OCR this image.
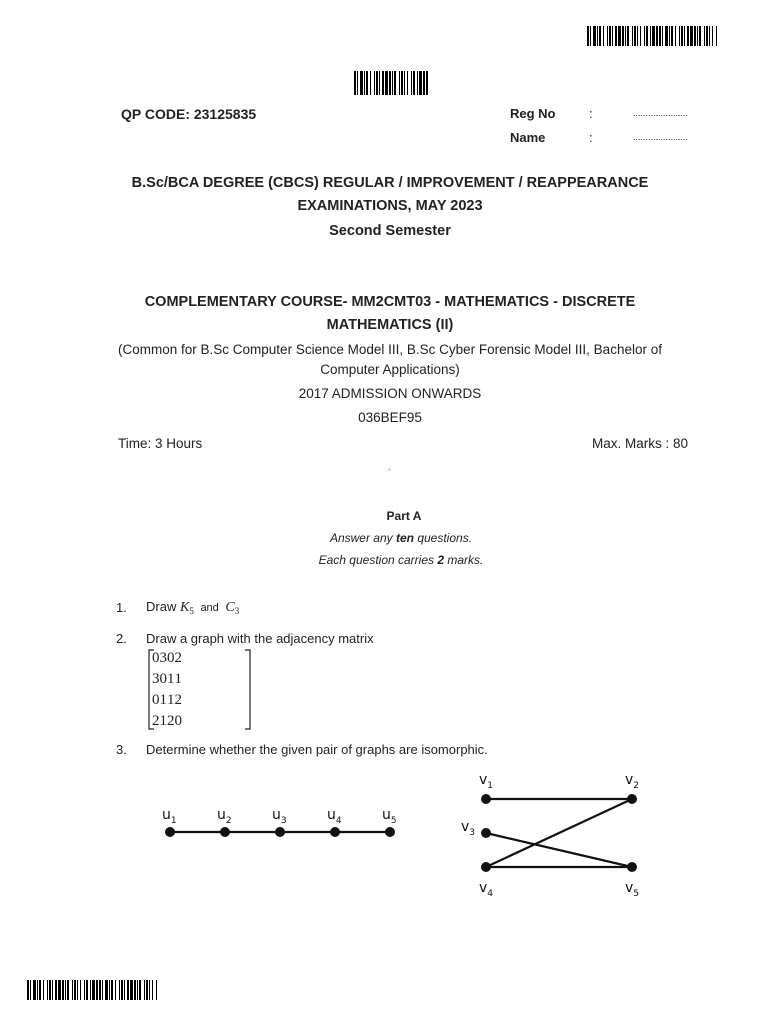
QP CODE: 23125835	Reg No	:	......................
Name	:	......................
B.Sc/BCA DEGREE (CBCS) REGULAR / IMPROVEMENT / REAPPEARANCE
EXAMINATIONS, MAY 2023
Second Semester
COMPLEMENTARY COURSE- MM2CMT03 - MATHEMATICS - DISCRETE
MATHEMATICS (II)
(Common for B.Sc Computer Science Model III, B.Sc Cyber Forensic Model III, Bachelor of
Computer Applications)
2017 ADMISSION ONWARDS
036BEF95
Time: 3 Hours	Max. Marks : 80
.
Part A
Answer any ten questions.
Each question carries 2 marks.
1. Draw $K_5$ and $C_3$
2. Draw a graph with the adjacency matrix
0	3	0	2
3	0	1	1
0	1	1	2
2	1	2	0
3. Determine whether the given pair of graphs are isomorphic.
$u_1$	$u_2$	$u_3$	$u_4$	$u_5$
$v_1$	$v_2$
$v_3$
$v_4$	$v_5$
